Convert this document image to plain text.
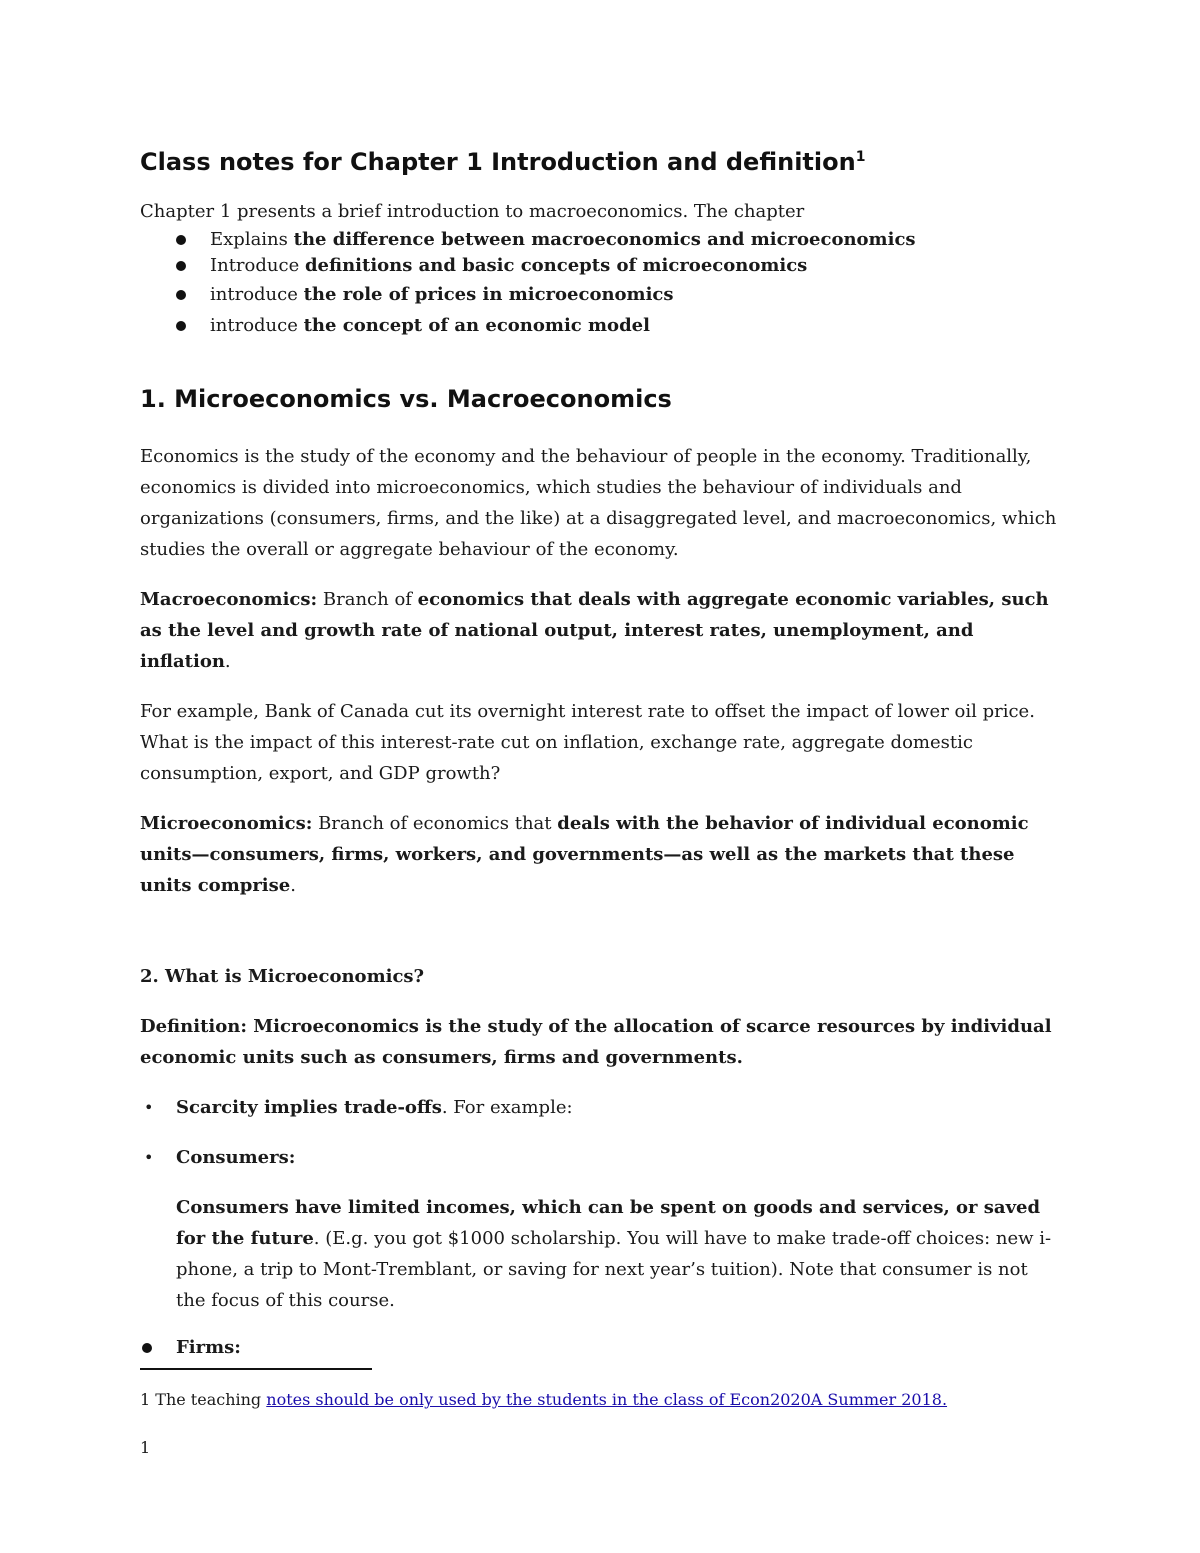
Class notes for Chapter 1 Introduction and definition$^1$

Chapter 1 presents a brief introduction to macroeconomics. The chapter

Explains the difference between macroeconomics and microeconomics
Introduce definitions and basic concepts of microeconomics
introduce the role of prices in microeconomics
introduce the concept of an economic model
1. Microeconomics vs. Macroeconomics

Economics is the study of the economy and the behaviour of people in the economy. Traditionally, economics is divided into microeconomics, which studies the behaviour of individuals and organizations (consumers, firms, and the like) at a disaggregated level, and macroeconomics, which studies the overall or aggregate behaviour of the economy.

Macroeconomics: Branch of economics that deals with aggregate economic variables, such as the level and growth rate of national output, interest rates, unemployment, and inflation.

For example, Bank of Canada cut its overnight interest rate to offset the impact of lower oil price. What is the impact of this interest-rate cut on inflation, exchange rate, aggregate domestic consumption, export, and GDP growth?

Microeconomics: Branch of economics that deals with the behavior of individual economic units—consumers, firms, workers, and governments—as well as the markets that these units comprise.

2. What is Microeconomics?

Definition: Microeconomics is the study of the allocation of scarce resources by individual economic units such as consumers, firms and governments.

• Scarcity implies trade-offs. For example:
• Consumers:

Consumers have limited incomes, which can be spent on goods and services, or saved for the future. (E.g. you got $1000 scholarship. You will have to make trade-off choices: new i-phone, a trip to Mont-Tremblant, or saving for next year’s tuition). Note that consumer is not the focus of this course.

Firms:
1 The teaching notes should be only used by the students in the class of Econ2020A Summer 2018.
1
